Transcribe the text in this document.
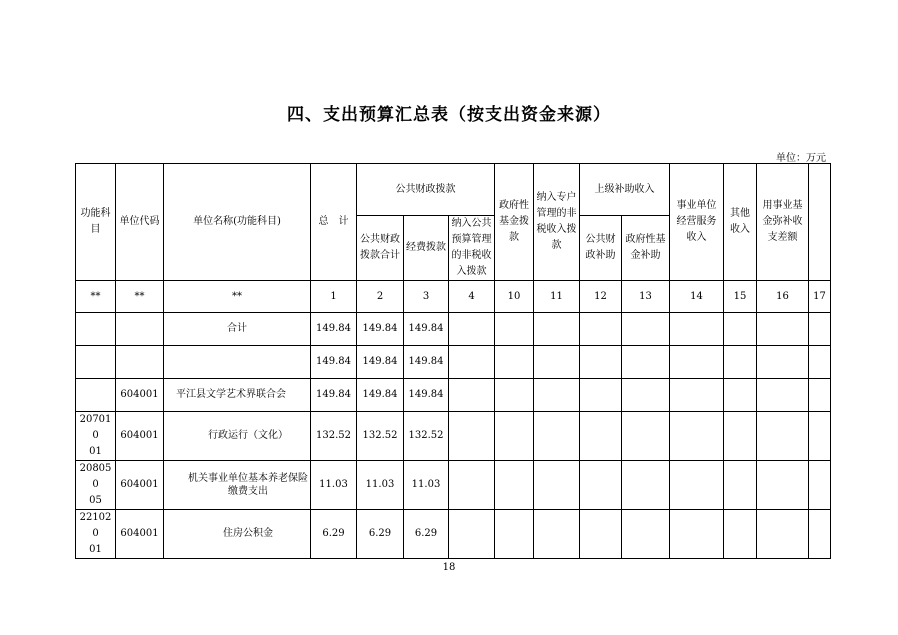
四、支出预算汇总表（按支出资金来源）
单位：万元
功能科目	单位代码	单位名称(功能科目)	总　计	公共财政拨款			政府性基金拨款	纳入专户管理的非税收入拨款	上级补助收入		事业单位经营服务收入	其他收入	用事业基金弥补收支差额	
				公共财政拨款合计	经费拨款	纳入公共预算管理的非税收入拨款			公共财政补助	政府性基金补助				
**	**	**	1	2	3	4	10	11	12	13	14	15	16	17
		合计	149.84	149.84	149.84									
			149.84	149.84	149.84									
	604001	平江县文学艺术界联合会	149.84	149.84	149.84									
207010
01	604001	行政运行（文化）	132.52	132.52	132.52									
208050
05	604001	机关事业单位基本养老保险缴费支出	11.03	11.03	11.03									
221020
01	604001	住房公积金	6.29	6.29	6.29									
18
